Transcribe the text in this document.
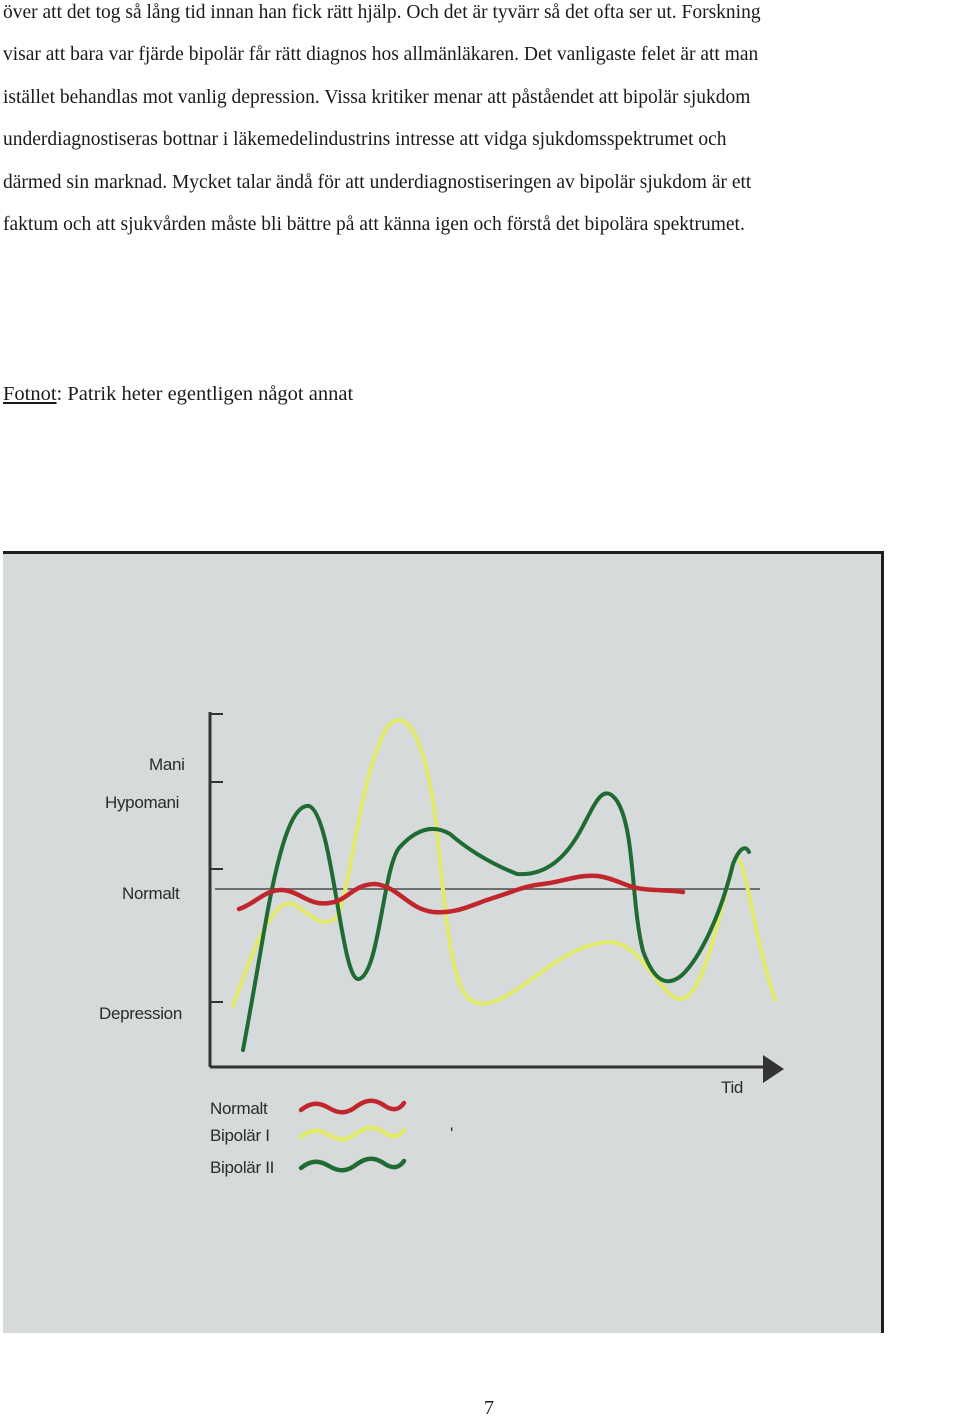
över att det tog så lång tid innan han fick rätt hjälp. Och det är tyvärr så det ofta ser ut. Forskning
visar att bara var fjärde bipolär får rätt diagnos hos allmänläkaren. Det vanligaste felet är att man
istället behandlas mot vanlig depression. Vissa kritiker menar att påståendet att bipolär sjukdom
underdiagnostiseras bottnar i läkemedelindustrins intresse att vidga sjukdomsspektrumet och
därmed sin marknad. Mycket talar ändå för att underdiagnostiseringen av bipolär sjukdom är ett
faktum och att sjukvården måste bli bättre på att känna igen och förstå det bipolära spektrumet.

Fotnot: Patrik heter egentligen något annat

Mani
Hypomani
Normalt
Depression
Tid
Normalt
Bipolär I
Bipolär II
'
7
